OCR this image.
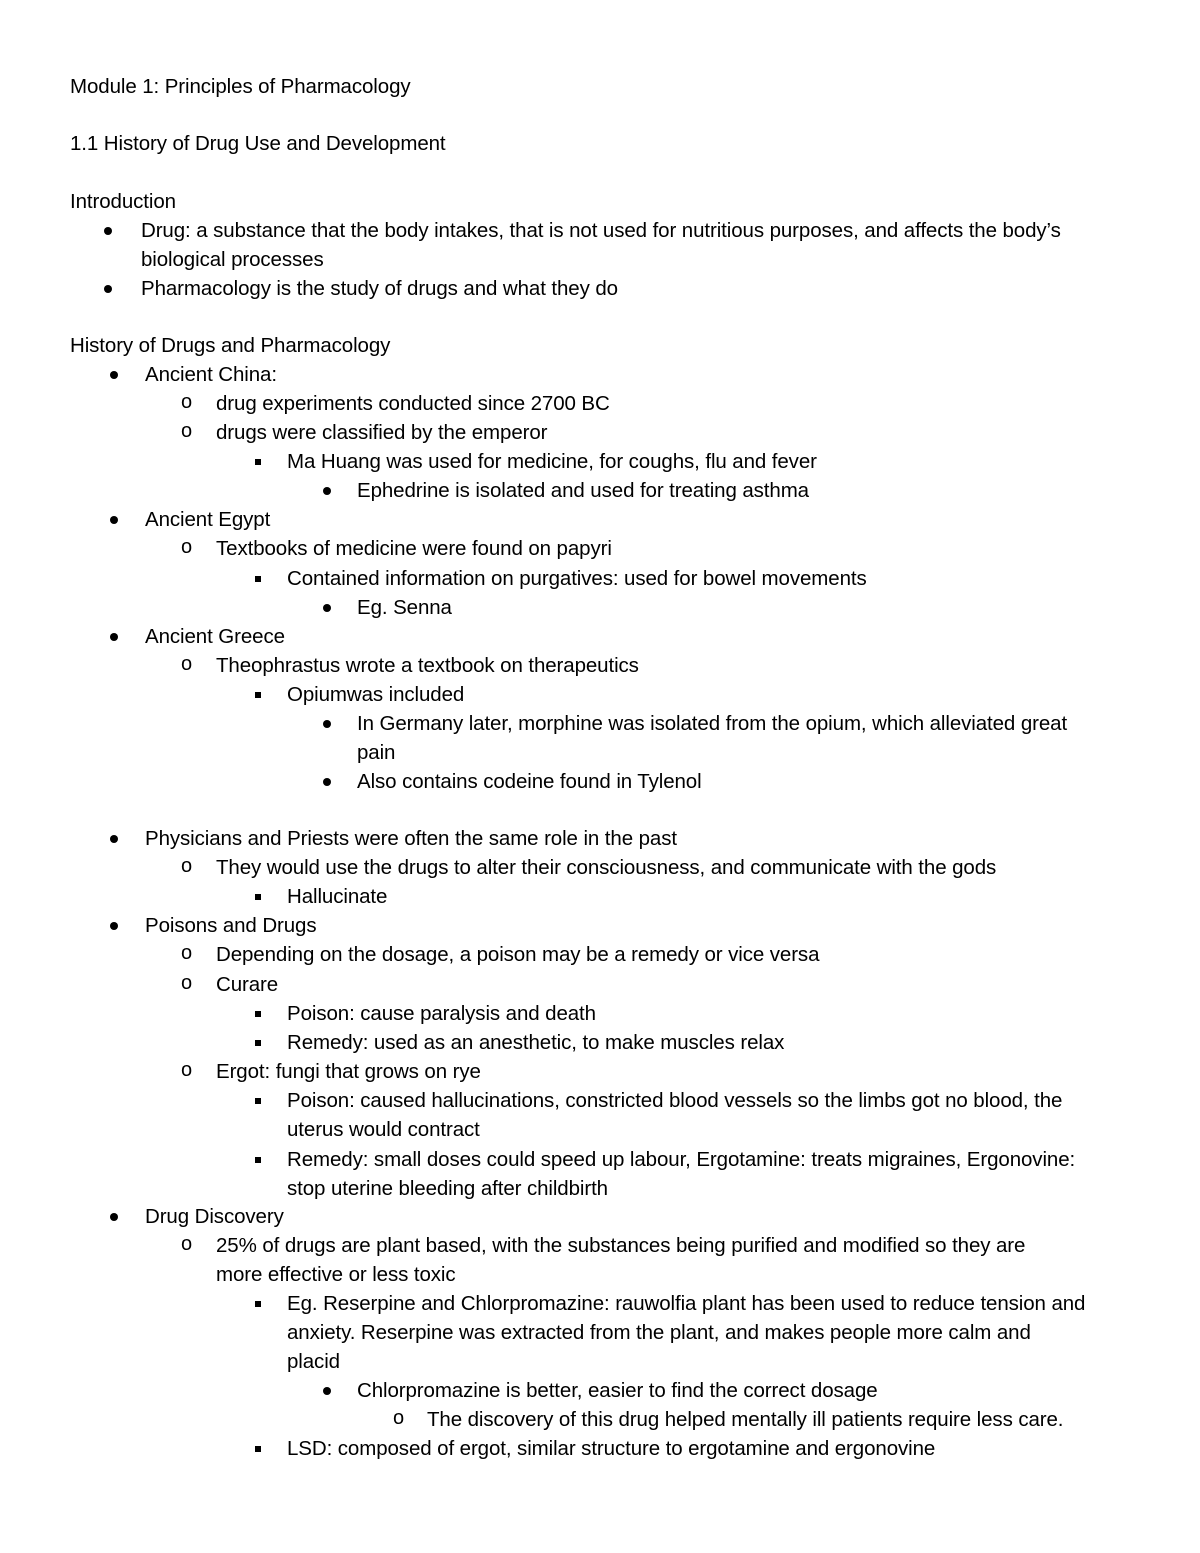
Module 1: Principles of Pharmacology
1.1 History of Drug Use and Development
Introduction
Drug: a substance that the body intakes, that is not used for nutritious purposes, and affects the body’s
biological processes
Pharmacology is the study of drugs and what they do
History of Drugs and Pharmacology
Ancient China:
o drug experiments conducted since 2700 BC
o drugs were classified by the emperor
Ma Huang was used for medicine, for coughs, flu and fever
Ephedrine is isolated and used for treating asthma
Ancient Egypt
o Textbooks of medicine were found on papyri
Contained information on purgatives: used for bowel movements
Eg. Senna
Ancient Greece
o Theophrastus wrote a textbook on therapeutics
Opiumwas included
In Germany later, morphine was isolated from the opium, which alleviated great
pain
Also contains codeine found in Tylenol
Physicians and Priests were often the same role in the past
o They would use the drugs to alter their consciousness, and communicate with the gods
Hallucinate
Poisons and Drugs
o Depending on the dosage, a poison may be a remedy or vice versa
o Curare
Poison: cause paralysis and death
Remedy: used as an anesthetic, to make muscles relax
o Ergot: fungi that grows on rye
Poison: caused hallucinations, constricted blood vessels so the limbs got no blood, the
uterus would contract
Remedy: small doses could speed up labour, Ergotamine: treats migraines, Ergonovine:
stop uterine bleeding after childbirth
Drug Discovery
o 25% of drugs are plant based, with the substances being purified and modified so they are
more effective or less toxic
Eg. Reserpine and Chlorpromazine: rauwolfia plant has been used to reduce tension and
anxiety. Reserpine was extracted from the plant, and makes people more calm and
placid
Chlorpromazine is better, easier to find the correct dosage
o The discovery of this drug helped mentally ill patients require less care.
LSD: composed of ergot, similar structure to ergotamine and ergonovine
